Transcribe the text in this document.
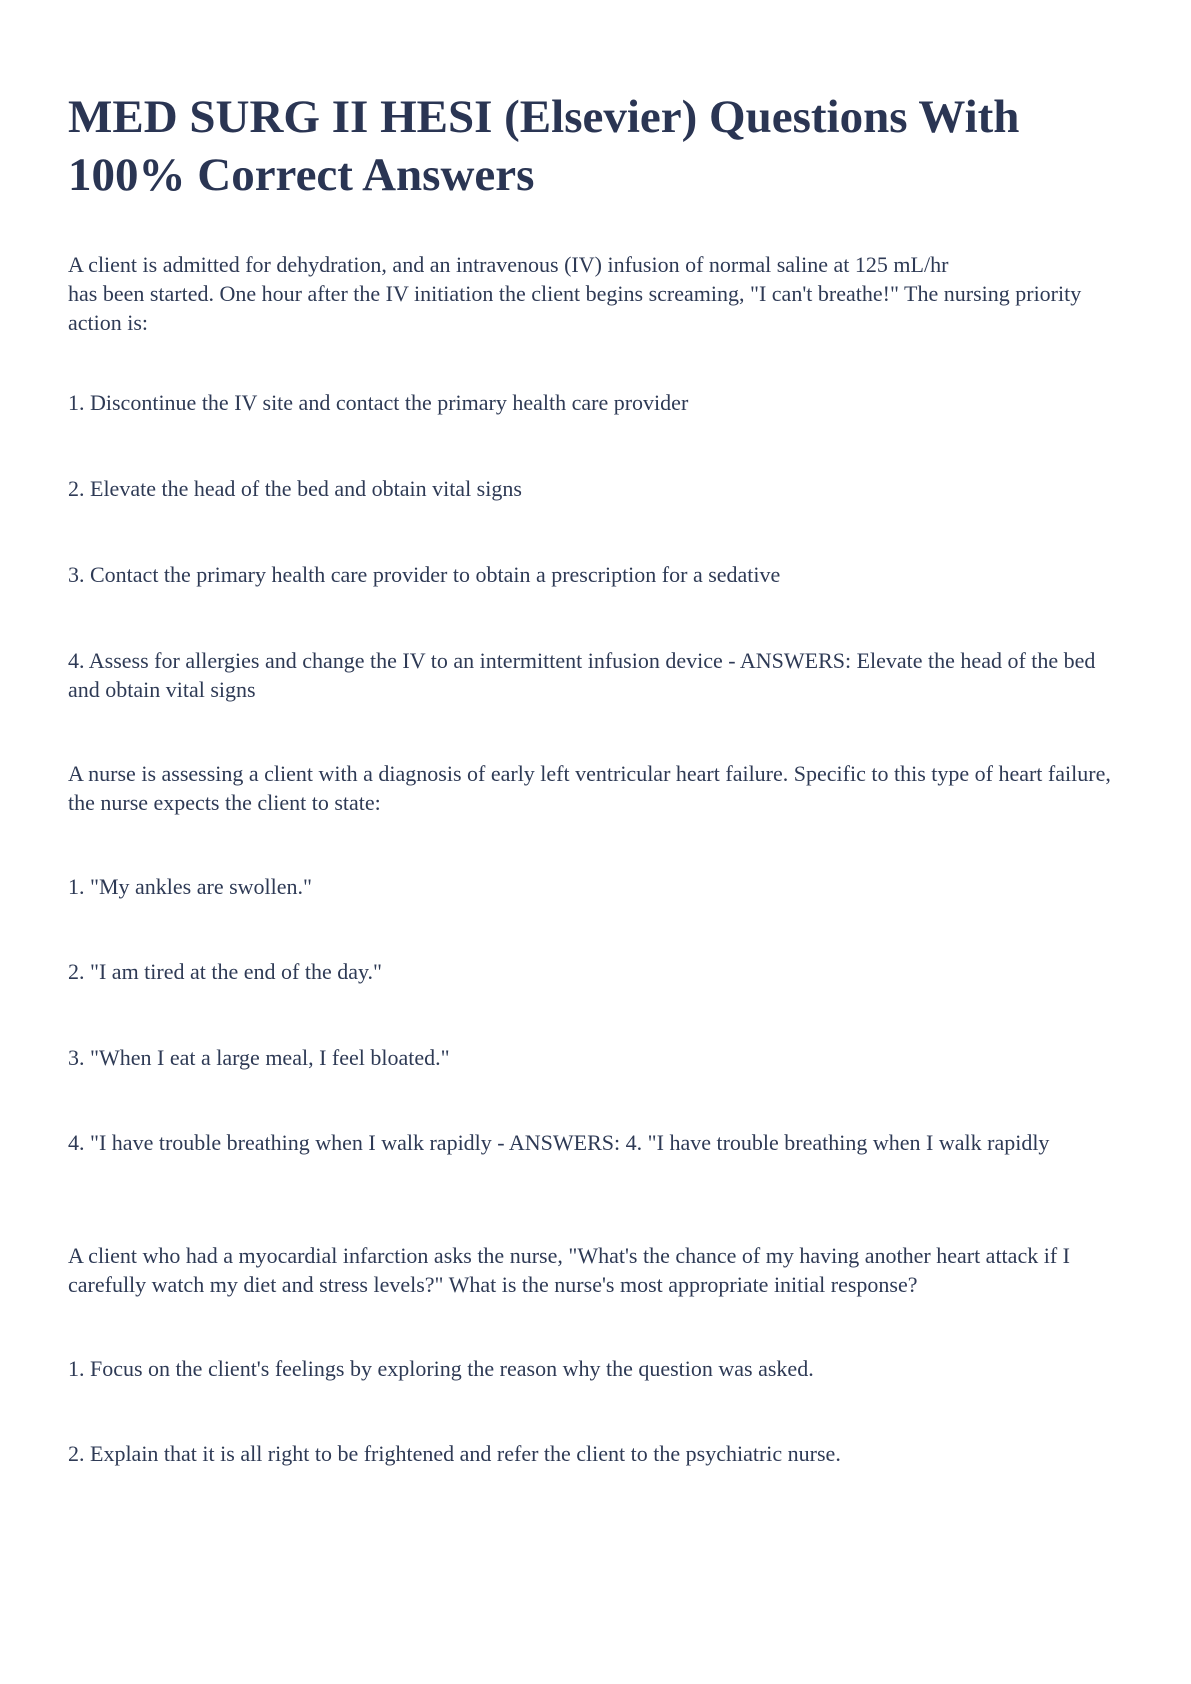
MED SURG II HESI (Elsevier) Questions With 100% Correct Answers
A client is admitted for dehydration, and an intravenous (IV) infusion of normal saline at 125 mL/hr
has been started. One hour after the IV initiation the client begins screaming, "I can't breathe!" The nursing priority action is:

1. Discontinue the IV site and contact the primary health care provider

2. Elevate the head of the bed and obtain vital signs

3. Contact the primary health care provider to obtain a prescription for a sedative

4. Assess for allergies and change the IV to an intermittent infusion device - ANSWERS: Elevate the head of the bed and obtain vital signs

A nurse is assessing a client with a diagnosis of early left ventricular heart failure. Specific to this type of heart failure, the nurse expects the client to state:

1. "My ankles are swollen."

2. "I am tired at the end of the day."

3. "When I eat a large meal, I feel bloated."

4. "I have trouble breathing when I walk rapidly - ANSWERS: 4. "I have trouble breathing when I walk rapidly

A client who had a myocardial infarction asks the nurse, "What's the chance of my having another heart attack if I carefully watch my diet and stress levels?" What is the nurse's most appropriate initial response?

1. Focus on the client's feelings by exploring the reason why the question was asked.

2. Explain that it is all right to be frightened and refer the client to the psychiatric nurse.
